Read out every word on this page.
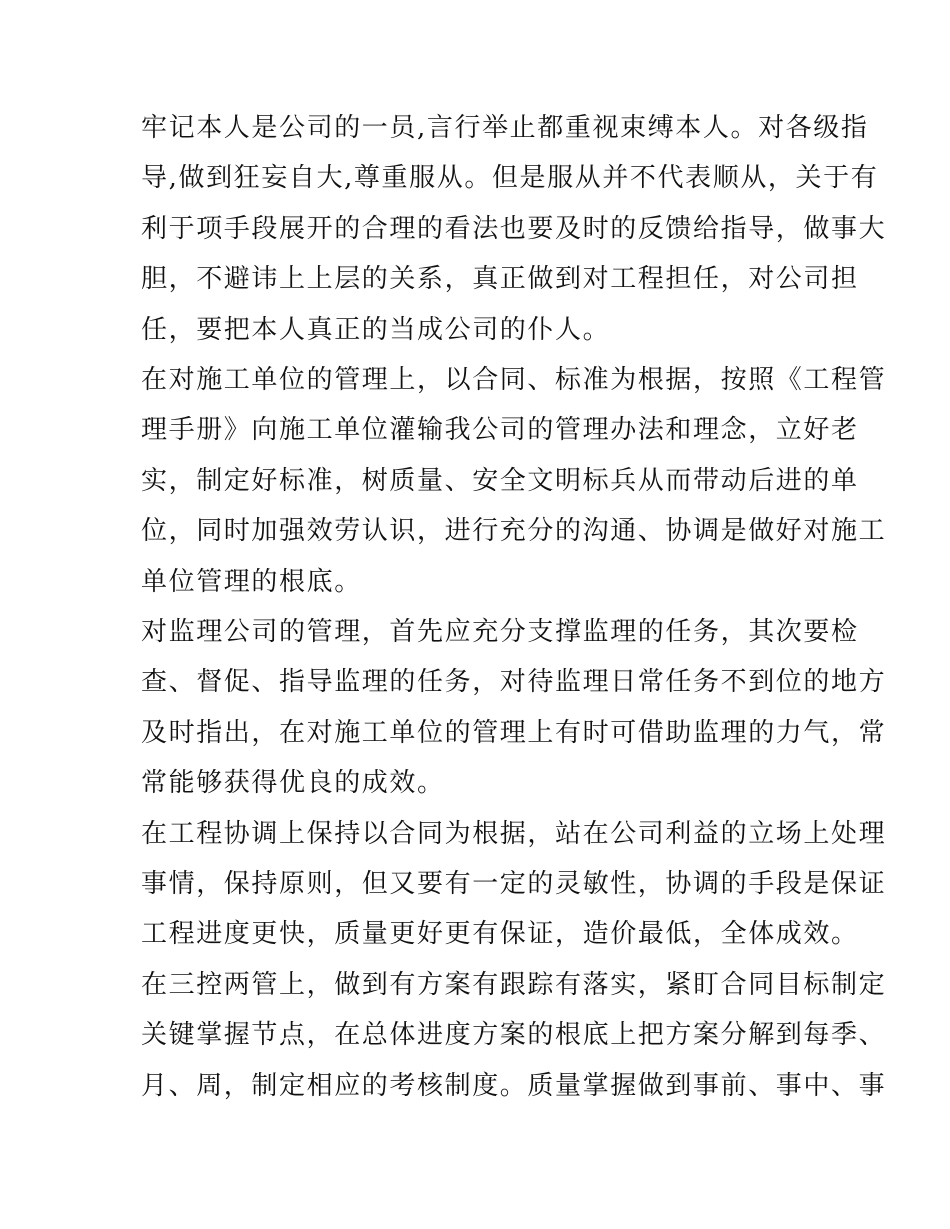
牢记本人是公司的一员,言行举止都重视束缚本人。对各级指
导,做到狂妄自大,尊重服从。但是服从并不代表顺从，关于有
利于项手段展开的合理的看法也要及时的反馈给指导，做事大
胆，不避讳上上层的关系，真正做到对工程担任，对公司担
任，要把本人真正的当成公司的仆人。
在对施工单位的管理上，以合同、标准为根据，按照《工程管
理手册》向施工单位灌输我公司的管理办法和理念，立好老
实，制定好标准，树质量、安全文明标兵从而带动后进的单
位，同时加强效劳认识，进行充分的沟通、协调是做好对施工
单位管理的根底。
对监理公司的管理，首先应充分支撑监理的任务，其次要检
查、督促、指导监理的任务，对待监理日常任务不到位的地方
及时指出，在对施工单位的管理上有时可借助监理的力气，常
常能够获得优良的成效。
在工程协调上保持以合同为根据，站在公司利益的立场上处理
事情，保持原则，但又要有一定的灵敏性，协调的手段是保证
工程进度更快，质量更好更有保证，造价最低，全体成效。
在三控两管上，做到有方案有跟踪有落实，紧盯合同目标制定
关键掌握节点，在总体进度方案的根底上把方案分解到每季、
月、周，制定相应的考核制度。质量掌握做到事前、事中、事
